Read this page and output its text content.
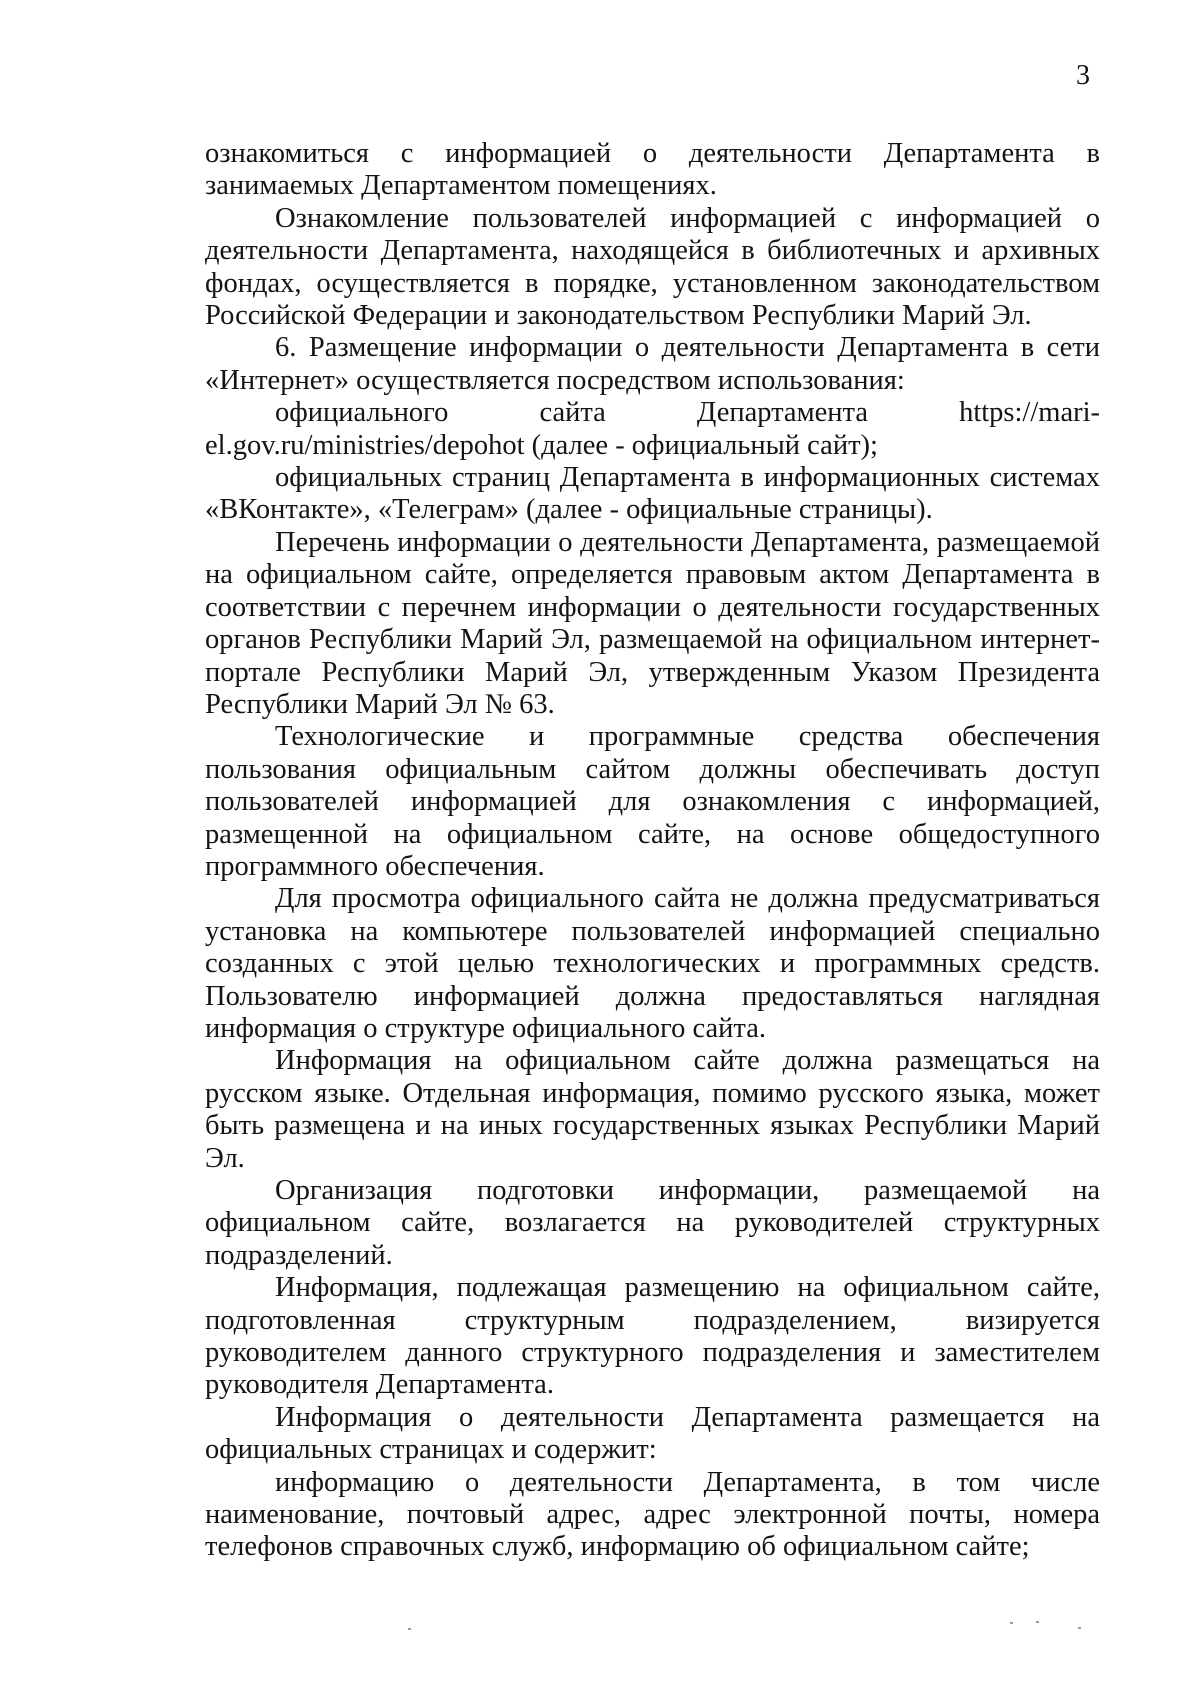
3

ознакомиться с информацией о деятельности Департамента в занимаемых Департаментом помещениях.

Ознакомление пользователей информацией с информацией о деятельности Департамента, находящейся в библиотечных и архивных фондах, осуществляется в порядке, установленном законодательством Российской Федерации и законодательством Республики Марий Эл.

6. Размещение информации о деятельности Департамента в сети «Интернет» осуществляется посредством использования:

официального сайта Департамента https://mari-el.gov.ru/ministries/depohot (далее - официальный сайт);

официальных страниц Департамента в информационных системах «ВКонтакте», «Телеграм» (далее - официальные страницы).

Перечень информации о деятельности Департамента, размещаемой на официальном сайте, определяется правовым актом Департамента в соответствии с перечнем информации о деятельности государственных органов Республики Марий Эл, размещаемой на официальном интернет-портале Республики Марий Эл, утвержденным Указом Президента Республики Марий Эл № 63.

Технологические и программные средства обеспечения пользования официальным сайтом должны обеспечивать доступ пользователей информацией для ознакомления с информацией, размещенной на официальном сайте, на основе общедоступного программного обеспечения.

Для просмотра официального сайта не должна предусматриваться установка на компьютере пользователей информацией специально созданных с этой целью технологических и программных средств. Пользователю информацией должна предоставляться наглядная информация о структуре официального сайта.

Информация на официальном сайте должна размещаться на русском языке. Отдельная информация, помимо русского языка, может быть размещена и на иных государственных языках Республики Марий Эл.

Организация подготовки информации, размещаемой на официальном сайте, возлагается на руководителей структурных подразделений.

Информация, подлежащая размещению на официальном сайте, подготовленная структурным подразделением, визируется руководителем данного структурного подразделения и заместителем руководителя Департамента.

Информация о деятельности Департамента размещается на официальных страницах и содержит:

информацию о деятельности Департамента, в том числе наименование, почтовый адрес, адрес электронной почты, номера телефонов справочных служб, информацию об официальном сайте;
